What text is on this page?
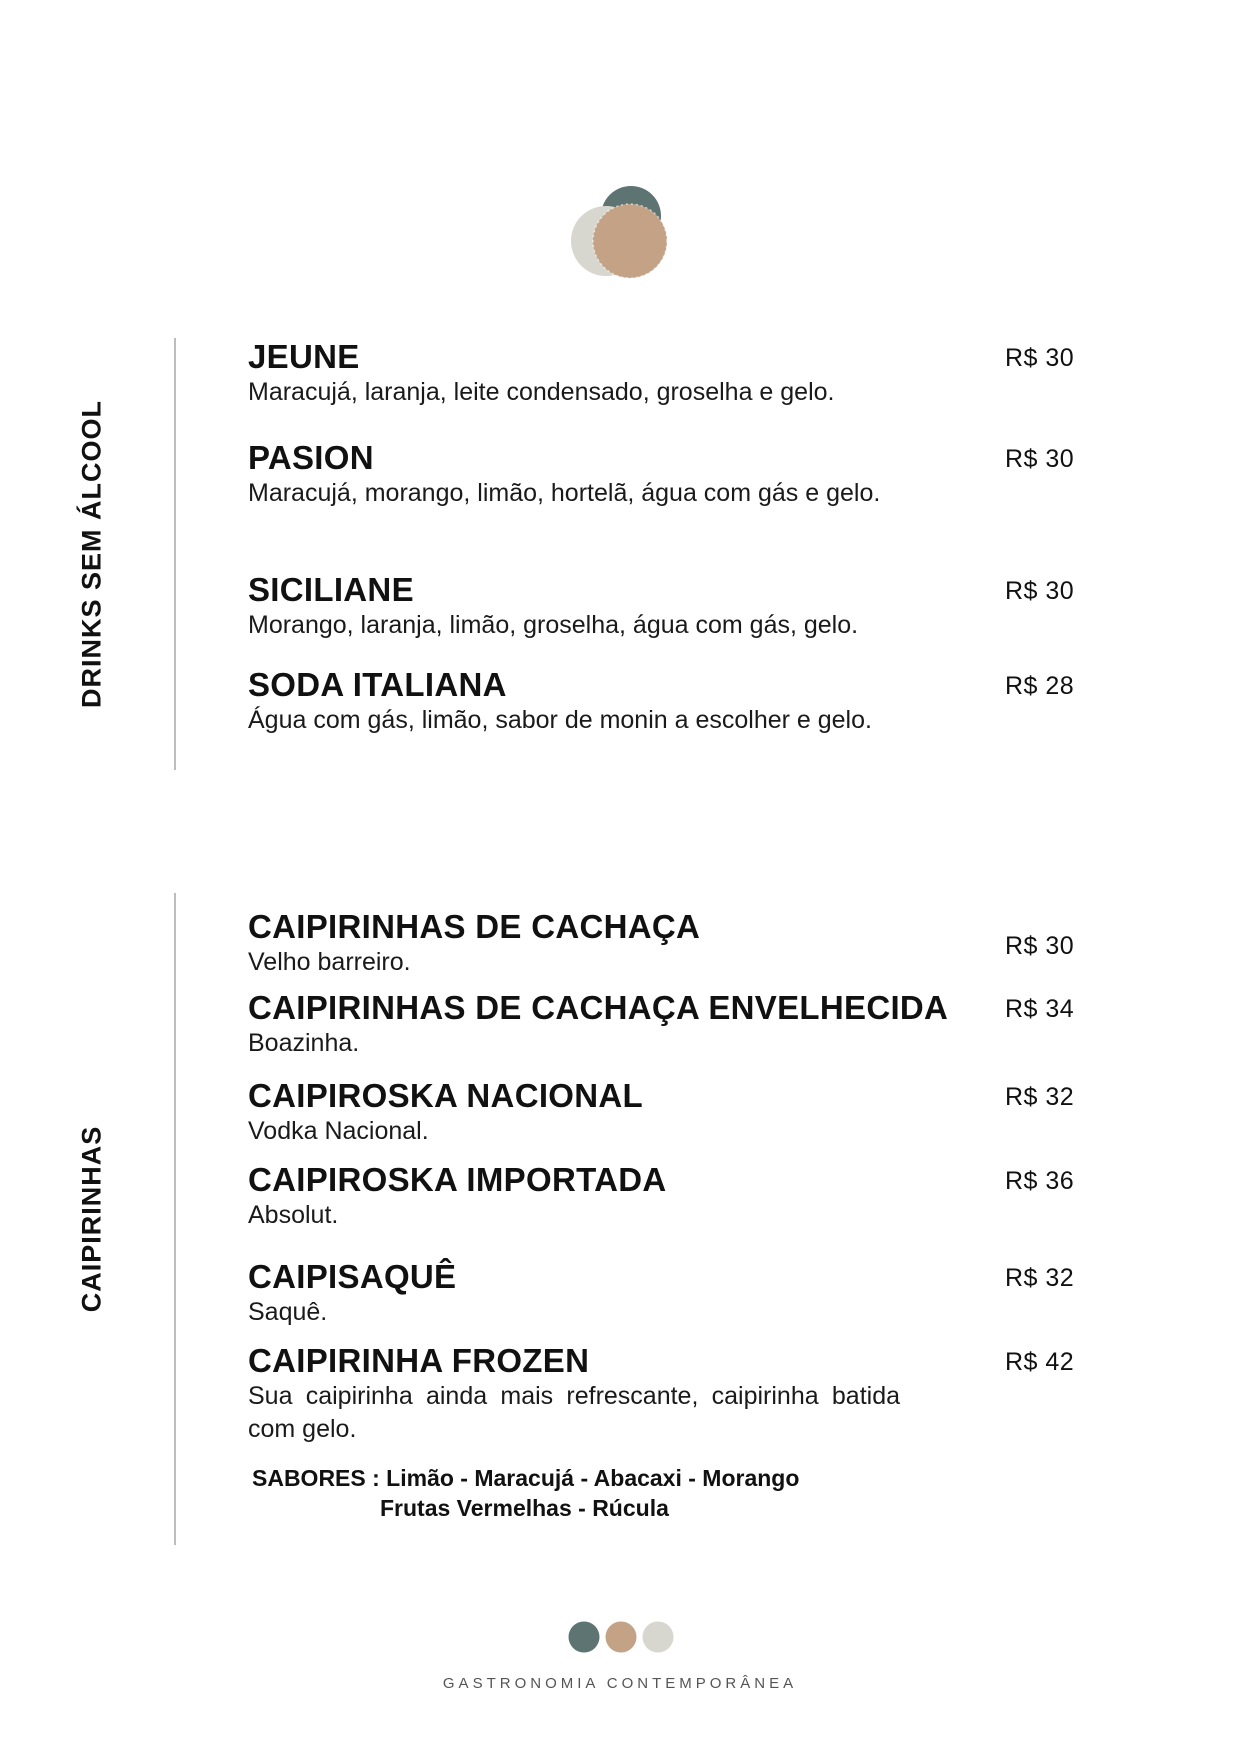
DRINKS SEM ÁLCOOL
JEUNE
Maracujá, laranja, leite condensado, groselha e gelo.
R$ 30
PASION
Maracujá, morango, limão, hortelã, água com gás e gelo.
R$ 30
SICILIANE
Morango, laranja, limão, groselha, água com gás, gelo.
R$ 30
SODA ITALIANA
Água com gás, limão, sabor de monin a escolher e gelo.
R$ 28
CAIPIRINHAS
CAIPIRINHAS DE CACHAÇA
Velho barreiro.
R$ 30
CAIPIRINHAS DE CACHAÇA ENVELHECIDA
Boazinha.
R$ 34
CAIPIROSKA NACIONAL
Vodka Nacional.
R$ 32
CAIPIROSKA IMPORTADA
Absolut.
R$ 36
CAIPISAQUÊ
Saquê.
R$ 32
CAIPIRINHA FROZEN
Sua caipirinha ainda mais refrescante, caipirinha batida com gelo.
R$ 42
SABORES : Limão - Maracujá - Abacaxi - Morango
Frutas Vermelhas - Rúcula
GASTRONOMIA CONTEMPORÂNEA
